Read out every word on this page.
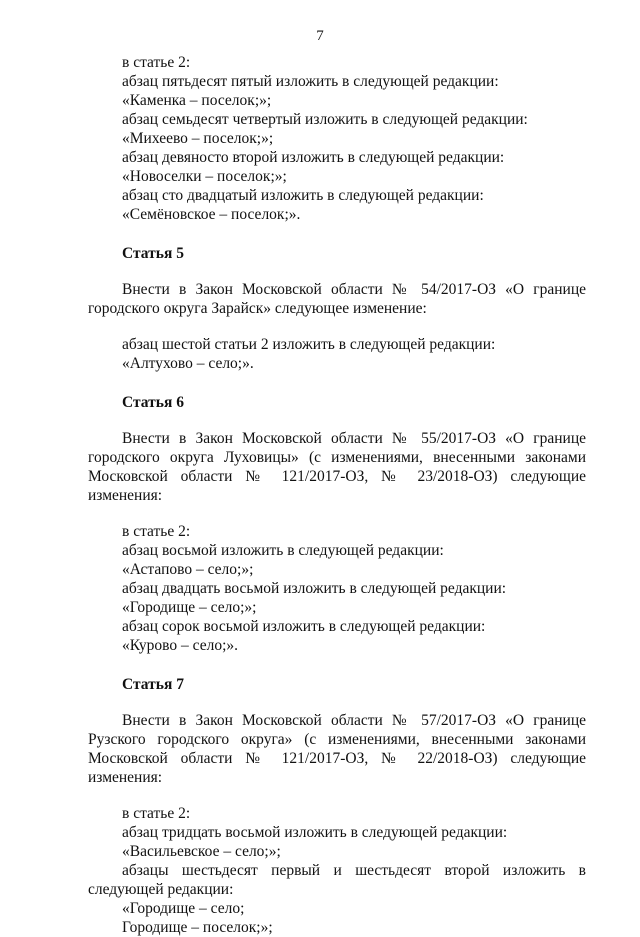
7
в статье 2:
абзац пятьдесят пятый изложить в следующей редакции:
«Каменка – поселок;»;
абзац семьдесят четвертый изложить в следующей редакции:
«Михеево – поселок;»;
абзац девяносто второй изложить в следующей редакции:
«Новоселки – поселок;»;
абзац сто двадцатый изложить в следующей редакции:
«Семёновское – поселок;».
Статья 5
Внести в Закон Московской области № 54/2017-ОЗ «О границе городского округа Зарайск» следующее изменение:
абзац шестой статьи 2 изложить в следующей редакции:
«Алтухово – село;».
Статья 6
Внести в Закон Московской области № 55/2017-ОЗ «О границе городского округа Луховицы» (с изменениями, внесенными законами Московской области № 121/2017-ОЗ, № 23/2018-ОЗ) следующие изменения:
в статье 2:
абзац восьмой изложить в следующей редакции:
«Астапово – село;»;
абзац двадцать восьмой изложить в следующей редакции:
«Городище – село;»;
абзац сорок восьмой изложить в следующей редакции:
«Курово – село;».
Статья 7
Внести в Закон Московской области № 57/2017-ОЗ «О границе Рузского городского округа» (с изменениями, внесенными законами Московской области № 121/2017-ОЗ, № 22/2018-ОЗ) следующие изменения:
в статье 2:
абзац тридцать восьмой изложить в следующей редакции:
«Васильевское – село;»;
абзацы шестьдесят первый и шестьдесят второй изложить в следующей редакции:
«Городище – село;
Городище – поселок;»;
